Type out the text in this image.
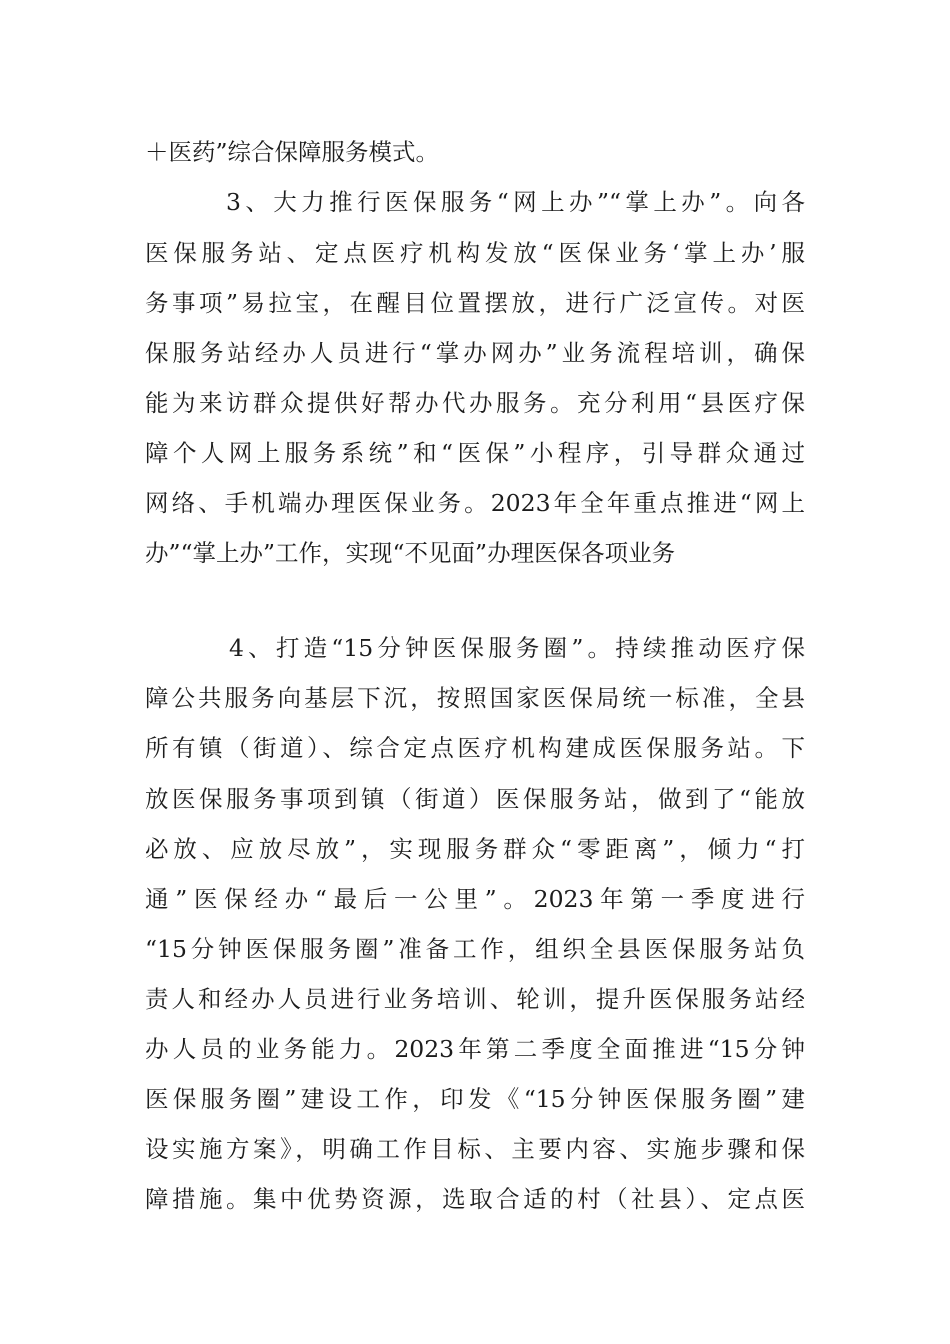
＋医药”综合保障服务模式。
3、大力推行医保服务“网上办”“掌上办”。向各
医保服务站、定点医疗机构发放“医保业务‘掌上办’服
务事项”易拉宝，在醒目位置摆放，进行广泛宣传。对医
保服务站经办人员进行“掌办网办”业务流程培训，确保
能为来访群众提供好帮办代办服务。充分利用“县医疗保
障个人网上服务系统”和“医保”小程序，引导群众通过
网络、手机端办理医保业务。2023年全年重点推进“网上
办”“掌上办”工作，实现“不见面”办理医保各项业务
4、打造“15分钟医保服务圈”。持续推动医疗保
障公共服务向基层下沉，按照国家医保局统一标准，全县
所有镇（街道）、综合定点医疗机构建成医保服务站。下
放医保服务事项到镇（街道）医保服务站，做到了“能放
必放、应放尽放”，实现服务群众“零距离”，倾力“打
通”医保经办“最后一公里”。2023年第一季度进行
“15分钟医保服务圈”准备工作，组织全县医保服务站负
责人和经办人员进行业务培训、轮训，提升医保服务站经
办人员的业务能力。2023年第二季度全面推进“15分钟
医保服务圈”建设工作，印发《“15分钟医保服务圈”建
设实施方案》，明确工作目标、主要内容、实施步骤和保
障措施。集中优势资源，选取合适的村（社县）、定点医
